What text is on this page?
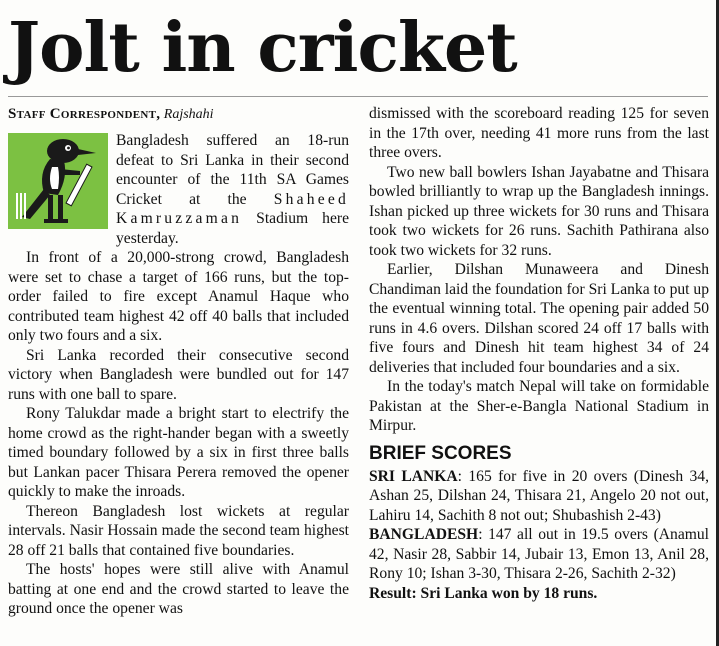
Jolt in cricket
Staff Correspondent, Rajshahi

Bangladesh suffered an 18-run defeat to Sri Lanka in their second encounter of the 11th SA Games Cricket at the Shaheed Kamruzzaman Stadium here yesterday.

In front of a 20,000-strong crowd, Bangladesh were set to chase a target of 166 runs, but the top-order failed to fire except Anamul Haque who contributed team highest 42 off 40 balls that included only two fours and a six.

Sri Lanka recorded their consecutive second victory when Bangladesh were bundled out for 147 runs with one ball to spare.

Rony Talukdar made a bright start to electrify the home crowd as the right-hander began with a sweetly timed boundary followed by a six in first three balls but Lankan pacer Thisara Perera removed the opener quickly to make the inroads.

Thereon Bangladesh lost wickets at regular intervals. Nasir Hossain made the second team highest 28 off 21 balls that contained five boundaries.

The hosts' hopes were still alive with Anamul batting at one end and the crowd started to leave the ground once the opener was

dismissed with the scoreboard reading 125 for seven in the 17th over, needing 41 more runs from the last three overs.

Two new ball bowlers Ishan Jayabatne and Thisara bowled brilliantly to wrap up the Bangladesh innings. Ishan picked up three wickets for 30 runs and Thisara took two wickets for 26 runs. Sachith Pathirana also took two wickets for 32 runs.

Earlier, Dilshan Munaweera and Dinesh Chandiman laid the foundation for Sri Lanka to put up the eventual winning total. The opening pair added 50 runs in 4.6 overs. Dilshan scored 24 off 17 balls with five fours and Dinesh hit team highest 34 of 24 deliveries that included four boundaries and a six.

In the today's match Nepal will take on formidable Pakistan at the Sher-e-Bangla National Stadium in Mirpur.

BRIEF SCORES

SRI LANKA: 165 for five in 20 overs (Dinesh 34, Ashan 25, Dilshan 24, Thisara 21, Angelo 20 not out, Lahiru 14, Sachith 8 not out; Shubashish 2-43)

BANGLADESH: 147 all out in 19.5 overs (Anamul 42, Nasir 28, Sabbir 14, Jubair 13, Emon 13, Anil 28, Rony 10; Ishan 3-30, Thisara 2-26, Sachith 2-32)

Result: Sri Lanka won by 18 runs.
